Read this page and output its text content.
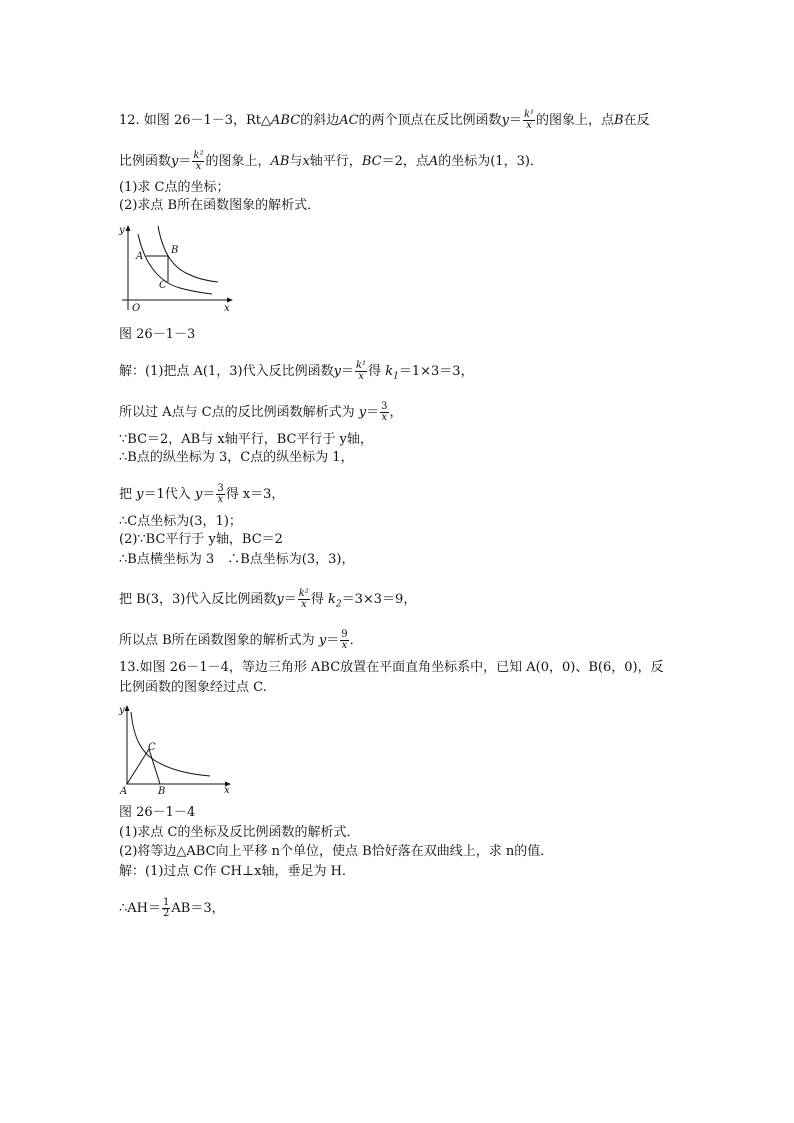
12. 如图 26－1－3，Rt△ABC的斜边AC的两个顶点在反比例函数$y= \frac{\text{k¹}}{x}$ 的图象上，点B在反
比例函数$y= \frac{\text{k²}}{x}$ 的图象上，AB与x轴平行，BC＝2，点A的坐标为(1，3)．
(1)求 C点的坐标；
(2)求点 B所在函数图象的解析式．
y
x
O
A
B
C
图 26－1－3
解：(1)把点 A(1，3)代入反比例函数$y= \frac{\text{k¹}}{x}$ 得 $k_1=1\times 3=3$，
所以过 A点与 C点的反比例函数解析式为 $y= \frac{3}{x}$ ，
∵BC＝2，AB与 x轴平行，BC平行于 y轴，
∴B点的纵坐标为 3，C点的纵坐标为 1，
把 y＝1代入 $y= \frac{3}{x}$ 得 x＝3，
∴C点坐标为(3，1)；
(2)∵BC平行于 y轴，BC＝2
∴B点横坐标为 3　∴B点坐标为(3，3)，
把 B(3，3)代入反比例函数$y= \frac{\text{k²}}{x}$ 得 $k_2=3\times 3=9$，
所以点 B所在函数图象的解析式为 $y= \frac{9}{x}$ ．
13.如图 26－1－4，等边三角形 ABC放置在平面直角坐标系中，已知 A(0，0)、B(6，0)，反
比例函数的图象经过点 C.
y
x
A	B
C
图 26－1－4
(1)求点 C的坐标及反比例函数的解析式．
(2)将等边△ABC向上平移 n个单位，使点 B恰好落在双曲线上，求 n的值．
解：(1)过点 C作 CH⊥x轴，垂足为 H.
∴AH＝ $\frac{1}{2} AB=3$，
